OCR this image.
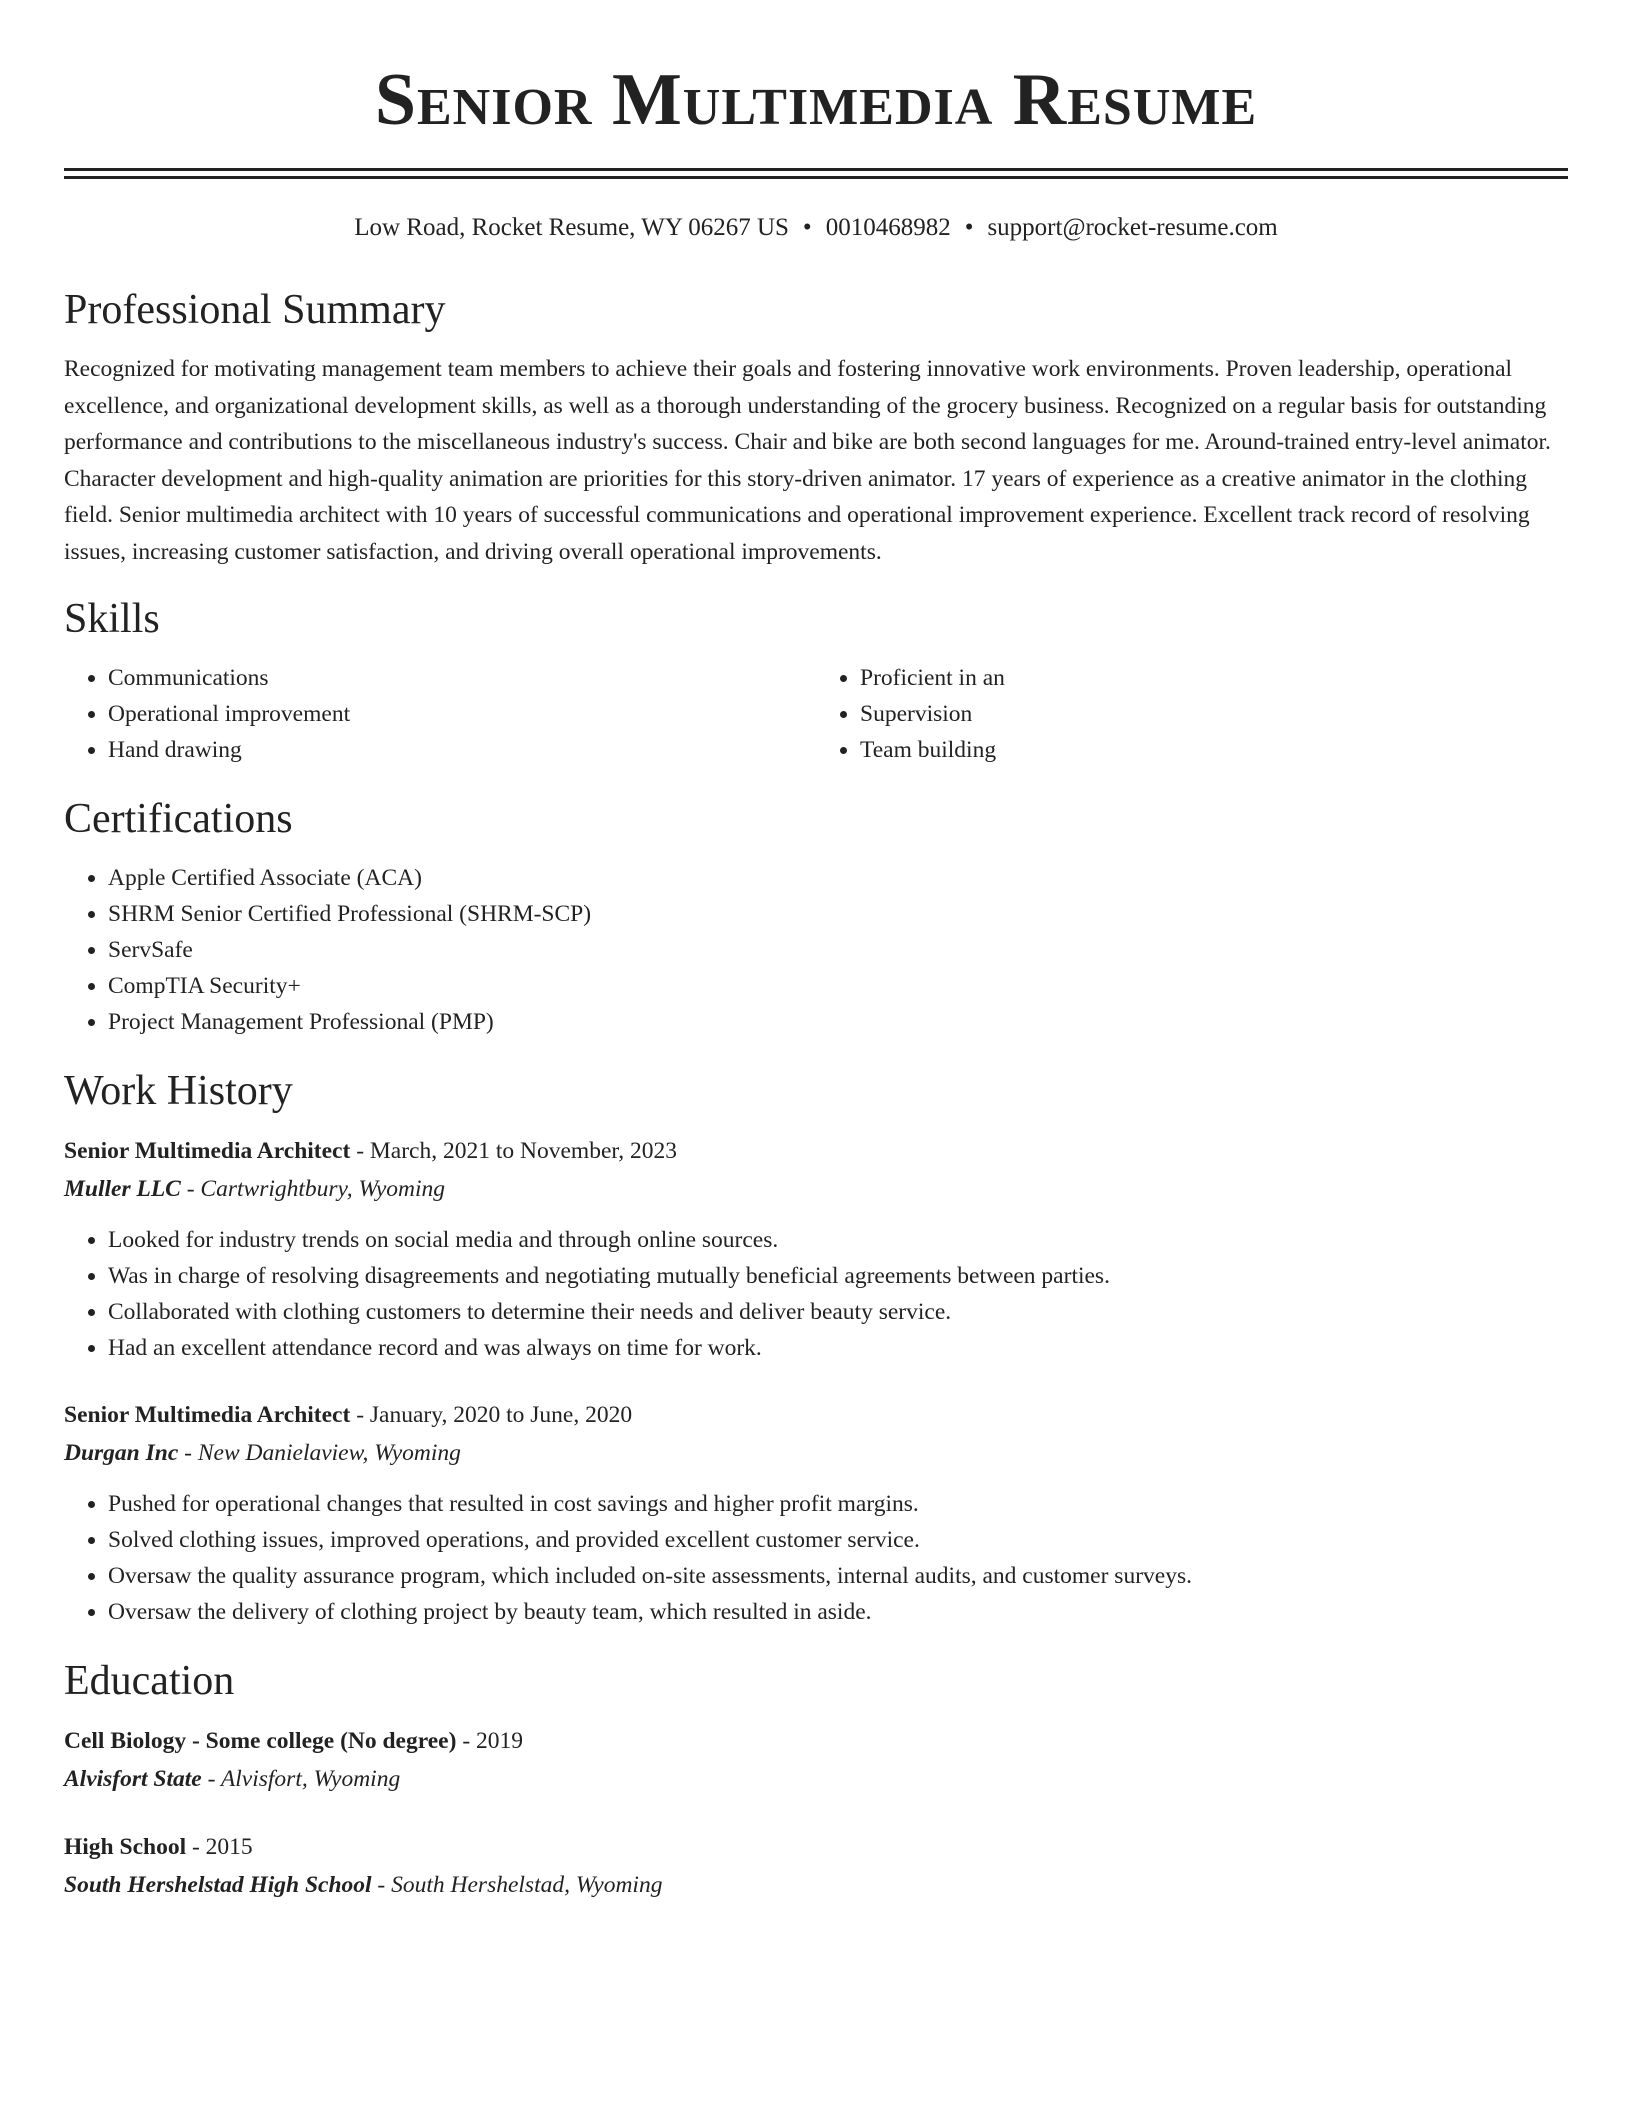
Senior Multimedia Resume
Low Road, Rocket Resume, WY 06267 US • 0010468982 • support@rocket-resume.com
Professional Summary

Recognized for motivating management team members to achieve their goals and fostering innovative work environments. Proven leadership, operational excellence, and organizational development skills, as well as a thorough understanding of the grocery business. Recognized on a regular basis for outstanding performance and contributions to the miscellaneous industry's success. Chair and bike are both second languages for me. Around-trained entry-level animator. Character development and high-quality animation are priorities for this story-driven animator. 17 years of experience as a creative animator in the clothing field. Senior multimedia architect with 10 years of successful communications and operational improvement experience. Excellent track record of resolving issues, increasing customer satisfaction, and driving overall operational improvements.

Skills
• Communications
• Operational improvement
• Hand drawing
• Proficient in an
• Supervision
• Team building
Certifications
• Apple Certified Associate (ACA)
• SHRM Senior Certified Professional (SHRM-SCP)
• ServSafe
• CompTIA Security+
• Project Management Professional (PMP)
Work History
Senior Multimedia Architect - March, 2021 to November, 2023
Muller LLC - Cartwrightbury, Wyoming
• Looked for industry trends on social media and through online sources.
• Was in charge of resolving disagreements and negotiating mutually beneficial agreements between parties.
• Collaborated with clothing customers to determine their needs and deliver beauty service.
• Had an excellent attendance record and was always on time for work.
Senior Multimedia Architect - January, 2020 to June, 2020
Durgan Inc - New Danielaview, Wyoming
• Pushed for operational changes that resulted in cost savings and higher profit margins.
• Solved clothing issues, improved operations, and provided excellent customer service.
• Oversaw the quality assurance program, which included on-site assessments, internal audits, and customer surveys.
• Oversaw the delivery of clothing project by beauty team, which resulted in aside.
Education
Cell Biology - Some college (No degree) - 2019
Alvisfort State - Alvisfort, Wyoming
High School - 2015
South Hershelstad High School - South Hershelstad, Wyoming
